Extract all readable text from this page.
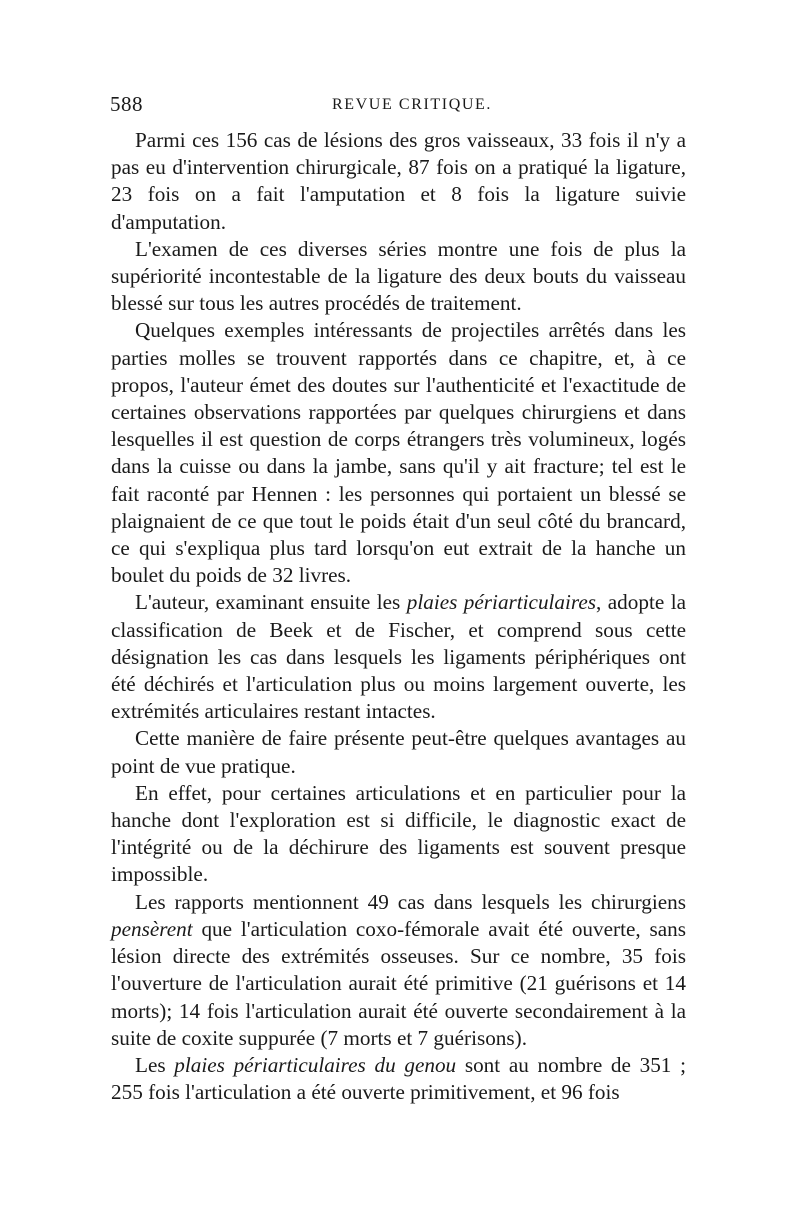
588	REVUE CRITIQUE.

Parmi ces 156 cas de lésions des gros vaisseaux, 33 fois il n'y a pas eu d'intervention chirurgicale, 87 fois on a pratiqué la ligature, 23 fois on a fait l'amputation et 8 fois la ligature suivie d'amputation.

L'examen de ces diverses séries montre une fois de plus la supériorité incontestable de la ligature des deux bouts du vaisseau blessé sur tous les autres procédés de traitement.

Quelques exemples intéressants de projectiles arrêtés dans les parties molles se trouvent rapportés dans ce chapitre, et, à ce propos, l'auteur émet des doutes sur l'authenticité et l'exactitude de certaines observations rapportées par quelques chirurgiens et dans lesquelles il est question de corps étrangers très volumineux, logés dans la cuisse ou dans la jambe, sans qu'il y ait fracture; tel est le fait raconté par Hennen : les personnes qui portaient un blessé se plaignaient de ce que tout le poids était d'un seul côté du brancard, ce qui s'expliqua plus tard lorsqu'on eut extrait de la hanche un boulet du poids de 32 livres.

L'auteur, examinant ensuite les plaies périarticulaires, adopte la classification de Beek et de Fischer, et comprend sous cette désignation les cas dans lesquels les ligaments périphériques ont été déchirés et l'articulation plus ou moins largement ouverte, les extrémités articulaires restant intactes.

Cette manière de faire présente peut-être quelques avantages au point de vue pratique.

En effet, pour certaines articulations et en particulier pour la hanche dont l'exploration est si difficile, le diagnostic exact de l'intégrité ou de la déchirure des ligaments est souvent presque impossible.

Les rapports mentionnent 49 cas dans lesquels les chirurgiens pensèrent que l'articulation coxo-fémorale avait été ouverte, sans lésion directe des extrémités osseuses. Sur ce nombre, 35 fois l'ouverture de l'articulation aurait été primitive (21 guérisons et 14 morts); 14 fois l'articulation aurait été ouverte secondairement à la suite de coxite suppurée (7 morts et 7 guérisons).

Les plaies périarticulaires du genou sont au nombre de 351 ; 255 fois l'articulation a été ouverte primitivement, et 96 fois
